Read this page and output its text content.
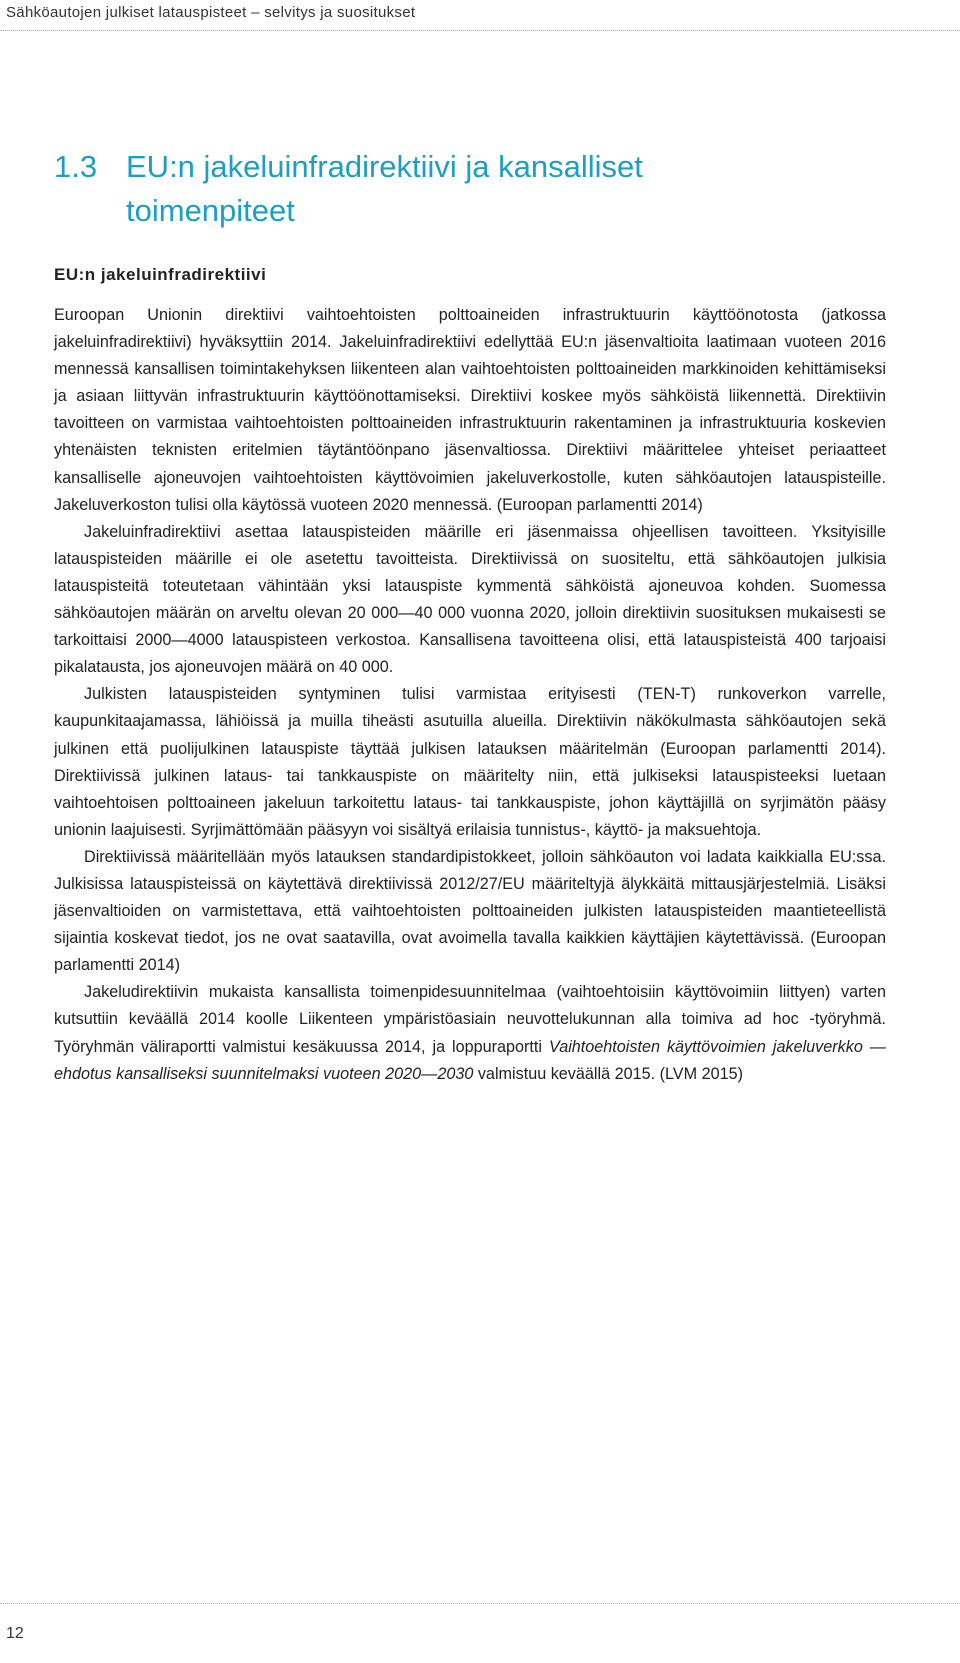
Sähköautojen julkiset latauspisteet – selvitys ja suositukset
1.3 EU:n jakeluinfradirektiivi ja kansalliset toimenpiteet
EU:n jakeluinfradirektiivi

Euroopan Unionin direktiivi vaihtoehtoisten polttoaineiden infrastruktuurin käyttöönotosta (jatkossa jakeluinfradirektiivi) hyväksyttiin 2014. Jakeluinfradirektiivi edellyttää EU:n jäsenvaltioita laatimaan vuoteen 2016 mennessä kansallisen toimintakehyksen liikenteen alan vaihtoehtoisten polttoaineiden markkinoiden kehittämiseksi ja asiaan liittyvän infrastruktuurin käyttöönottamiseksi. Direktiivi koskee myös sähköistä liikennettä. Direktiivin tavoitteen on varmistaa vaihtoehtoisten polttoaineiden infrastruktuurin rakentaminen ja infrastruktuuria koskevien yhtenäisten teknisten eritelmien täytäntöönpano jäsenvaltiossa. Direktiivi määrittelee yhteiset periaatteet kansalliselle ajoneuvojen vaihtoehtoisten käyttövoimien jakeluverkostolle, kuten sähköautojen latauspisteille. Jakeluverkoston tulisi olla käytössä vuoteen 2020 mennessä. (Euroopan parlamentti 2014)

Jakeluinfradirektiivi asettaa latauspisteiden määrille eri jäsenmaissa ohjeellisen tavoitteen. Yksityisille latauspisteiden määrille ei ole asetettu tavoitteista. Direktiivissä on suositeltu, että sähköautojen julkisia latauspisteitä toteutetaan vähintään yksi latauspiste kymmentä sähköistä ajoneuvoa kohden. Suomessa sähköautojen määrän on arveltu olevan 20 000—40 000 vuonna 2020, jolloin direktiivin suosituksen mukaisesti se tarkoittaisi 2000—4000 latauspisteen verkostoa. Kansallisena tavoitteena olisi, että latauspisteistä 400 tarjoaisi pikalatausta, jos ajoneuvojen määrä on 40 000.

Julkisten latauspisteiden syntyminen tulisi varmistaa erityisesti (TEN-T) runkoverkon varrelle, kaupunkitaajamassa, lähiöissä ja muilla tiheästi asutuilla alueilla. Direktiivin näkökulmasta sähköautojen sekä julkinen että puolijulkinen latauspiste täyttää julkisen latauksen määritelmän (Euroopan parlamentti 2014). Direktiivissä julkinen lataus- tai tankkauspiste on määritelty niin, että julkiseksi latauspisteeksi luetaan vaihtoehtoisen polttoaineen jakeluun tarkoitettu lataus- tai tankkauspiste, johon käyttäjillä on syrjimätön pääsy unionin laajuisesti. Syrjimättömään pääsyyn voi sisältyä erilaisia tunnistus-, käyttö- ja maksuehtoja.

Direktiivissä määritellään myös latauksen standardipistokkeet, jolloin sähköauton voi ladata kaikkialla EU:ssa. Julkisissa latauspisteissä on käytettävä direktiivissä 2012/27/EU määriteltyjä älykkäitä mittausjärjestelmiä. Lisäksi jäsenvaltioiden on varmistettava, että vaihtoehtoisten polttoaineiden julkisten latauspisteiden maantieteellistä sijaintia koskevat tiedot, jos ne ovat saatavilla, ovat avoimella tavalla kaikkien käyttäjien käytettävissä. (Euroopan parlamentti 2014)

Jakeludirektiivin mukaista kansallista toimenpidesuunnitelmaa (vaihtoehtoisiin käyttövoimiin liittyen) varten kutsuttiin keväällä 2014 koolle Liikenteen ympäristöasiain neuvottelukunnan alla toimiva ad hoc -työryhmä. Työryhmän väliraportti valmistui kesäkuussa 2014, ja loppuraportti Vaihtoehtoisten käyttövoimien jakeluverkko — ehdotus kansalliseksi suunnitelmaksi vuoteen 2020—2030 valmistuu keväällä 2015. (LVM 2015)

12
